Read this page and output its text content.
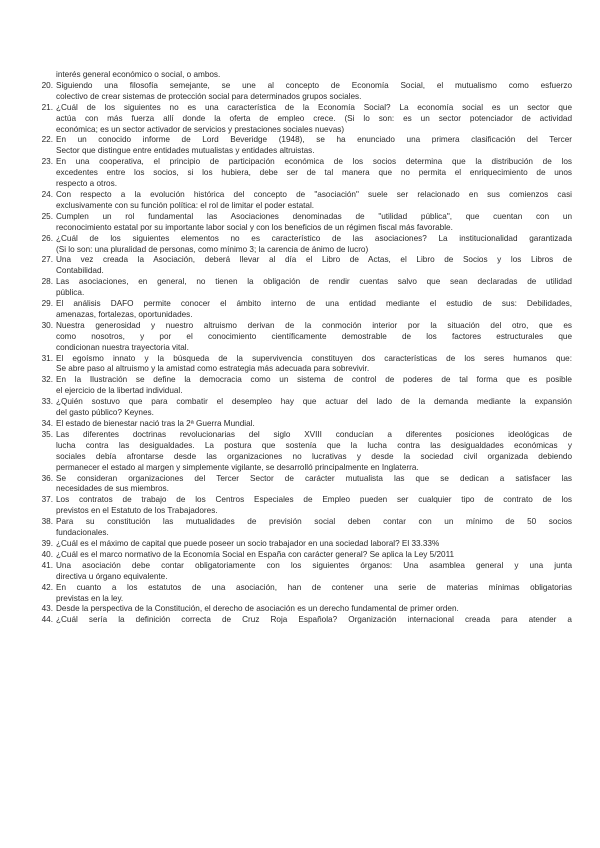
interés general económico o social, o ambos.
20. Siguiendo una filosofía semejante, se une al concepto de Economía Social, el mutualismo como esfuerzo
colectivo de crear sistemas de protección social para determinados grupos sociales.
21. ¿Cuál de los siguientes no es una característica de la Economía Social? La economía social es un sector que
actúa con más fuerza allí donde la oferta de empleo crece. (Si lo son: es un sector potenciador de actividad
económica; es un sector activador de servicios y prestaciones sociales nuevas)
22. En un conocido informe de Lord Beveridge (1948), se ha enunciado una primera clasificación del Tercer
Sector que distingue entre entidades mutualistas y entidades altruistas.
23. En una cooperativa, el principio de participación económica de los socios determina que la distribución de los
excedentes entre los socios, si los hubiera, debe ser de tal manera que no permita el enriquecimiento de unos
respecto a otros.
24. Con respecto a la evolución histórica del concepto de "asociación" suele ser relacionado en sus comienzos casi
exclusivamente con su función política: el rol de limitar el poder estatal.
25. Cumplen un rol fundamental las Asociaciones denominadas de "utilidad pública", que cuentan con un
reconocimiento estatal por su importante labor social y con los beneficios de un régimen fiscal más favorable.
26. ¿Cuál de los siguientes elementos no es característico de las asociaciones? La institucionalidad garantizada
(Si lo son: una pluralidad de personas, como mínimo 3; la carencia de ánimo de lucro)
27. Una vez creada la Asociación, deberá llevar al día el Libro de Actas, el Libro de Socios y los Libros de
Contabilidad.
28. Las asociaciones, en general, no tienen la obligación de rendir cuentas salvo que sean declaradas de utilidad
pública.
29. El análisis DAFO permite conocer el ámbito interno de una entidad mediante el estudio de sus: Debilidades,
amenazas, fortalezas, oportunidades.
30. Nuestra generosidad y nuestro altruismo derivan de la conmoción interior por la situación del otro, que es
como nosotros, y por el conocimiento científicamente demostrable de los factores estructurales que
condicionan nuestra trayectoria vital.
31. El egoísmo innato y la búsqueda de la supervivencia constituyen dos características de los seres humanos que:
Se abre paso al altruismo y la amistad como estrategia más adecuada para sobrevivir.
32. En la Ilustración se define la democracia como un sistema de control de poderes de tal forma que es posible
el ejercicio de la libertad individual.
33. ¿Quién sostuvo que para combatir el desempleo hay que actuar del lado de la demanda mediante la expansión
del gasto público? Keynes.
34. El estado de bienestar nació tras la 2ª Guerra Mundial.
35. Las diferentes doctrinas revolucionarias del siglo XVIII conducían a diferentes posiciones ideológicas de
lucha contra las desigualdades. La postura que sostenía que la lucha contra las desigualdades económicas y
sociales debía afrontarse desde las organizaciones no lucrativas y desde la sociedad civil organizada debiendo
permanecer el estado al margen y simplemente vigilante, se desarrolló principalmente en Inglaterra.
36. Se consideran organizaciones del Tercer Sector de carácter mutualista las que se dedican a satisfacer las
necesidades de sus miembros.
37. Los contratos de trabajo de los Centros Especiales de Empleo pueden ser cualquier tipo de contrato de los
previstos en el Estatuto de los Trabajadores.
38. Para su constitución las mutualidades de previsión social deben contar con un mínimo de 50 socios
fundacionales.
39. ¿Cuál es el máximo de capital que puede poseer un socio trabajador en una sociedad laboral? El 33.33%
40. ¿Cuál es el marco normativo de la Economía Social en España con carácter general? Se aplica la Ley 5/2011
41. Una asociación debe contar obligatoriamente con los siguientes órganos: Una asamblea general y una junta
directiva u órgano equivalente.
42. En cuanto a los estatutos de una asociación, han de contener una serie de materias mínimas obligatorias
previstas en la ley.
43. Desde la perspectiva de la Constitución, el derecho de asociación es un derecho fundamental de primer orden.
44. ¿Cuál sería la definición correcta de Cruz Roja Española? Organización internacional creada para atender a
